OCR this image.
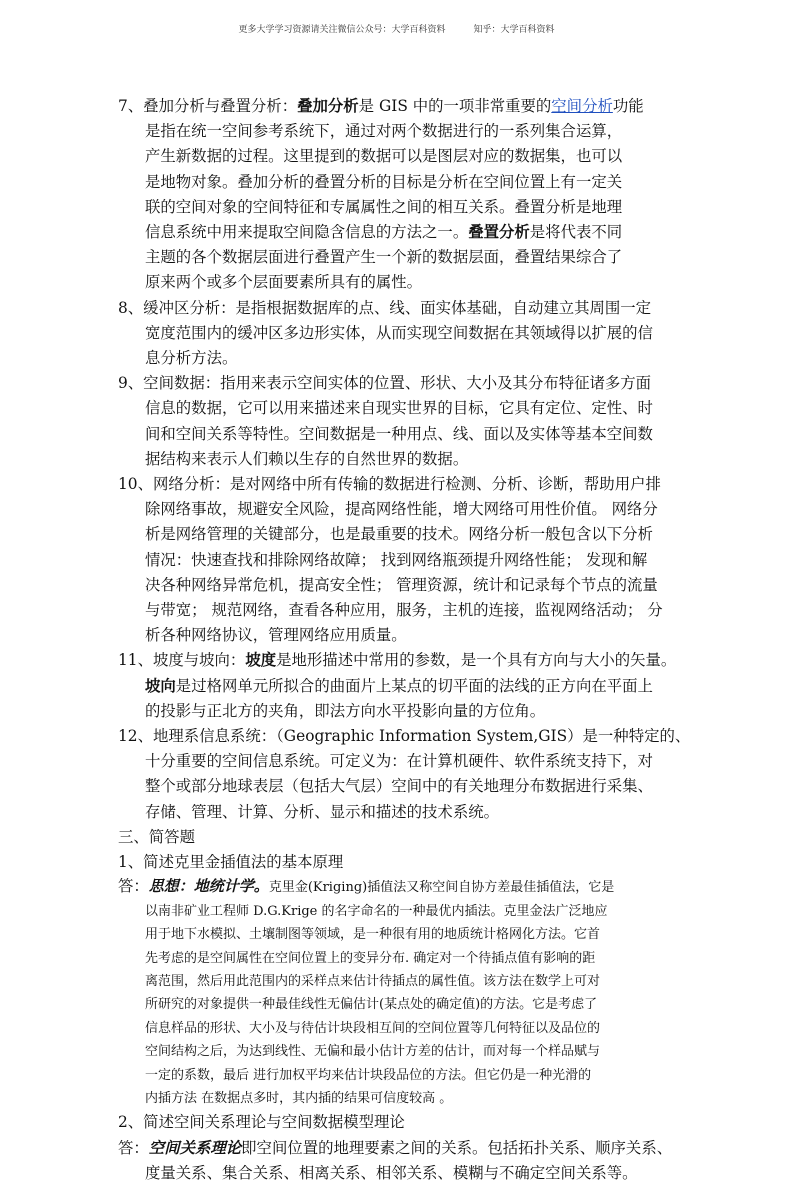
更多大学学习资源请关注微信公众号：大学百科资料	知乎：大学百科资料
7、叠加分析与叠置分析：叠加分析是 GIS 中的一项非常重要的空间分析功能
是指在统一空间参考系统下，通过对两个数据进行的一系列集合运算，
产生新数据的过程。这里提到的数据可以是图层对应的数据集，也可以
是地物对象。叠加分析的叠置分析的目标是分析在空间位置上有一定关
联的空间对象的空间特征和专属属性之间的相互关系。叠置分析是地理
信息系统中用来提取空间隐含信息的方法之一。叠置分析是将代表不同
主题的各个数据层面进行叠置产生一个新的数据层面，叠置结果综合了
原来两个或多个层面要素所具有的属性。
8、缓冲区分析：是指根据数据库的点、线、面实体基础，自动建立其周围一定
宽度范围内的缓冲区多边形实体，从而实现空间数据在其领域得以扩展的信
息分析方法。
9、空间数据：指用来表示空间实体的位置、形状、大小及其分布特征诸多方面
信息的数据，它可以用来描述来自现实世界的目标，它具有定位、定性、时
间和空间关系等特性。空间数据是一种用点、线、面以及实体等基本空间数
据结构来表示人们赖以生存的自然世界的数据。
10、网络分析：是对网络中所有传输的数据进行检测、分析、诊断，帮助用户排
除网络事故，规避安全风险，提高网络性能，增大网络可用性价值。 网络分
析是网络管理的关键部分，也是最重要的技术。网络分析一般包含以下分析
情况：快速查找和排除网络故障； 找到网络瓶颈提升网络性能； 发现和解
决各种网络异常危机，提高安全性； 管理资源，统计和记录每个节点的流量
与带宽； 规范网络，查看各种应用，服务，主机的连接，监视网络活动； 分
析各种网络协议，管理网络应用质量。
11、坡度与坡向：坡度是地形描述中常用的参数，是一个具有方向与大小的矢量。
坡向是过格网单元所拟合的曲面片上某点的切平面的法线的正方向在平面上
的投影与正北方的夹角，即法方向水平投影向量的方位角。
12、地理系信息系统：（Geographic Information System,GIS）是一种特定的、
十分重要的空间信息系统。可定义为：在计算机硬件、软件系统支持下，对
整个或部分地球表层（包括大气层）空间中的有关地理分布数据进行采集、
存储、管理、计算、分析、显示和描述的技术系统。
三、简答题
1、简述克里金插值法的基本原理
答：思想：地统计学。克里金(Kriging)插值法又称空间自协方差最佳插值法，它是
以南非矿业工程师 D.G.Krige 的名字命名的一种最优内插法。克里金法广泛地应
用于地下水模拟、土壤制图等领域，是一种很有用的地质统计格网化方法。它首
先考虑的是空间属性在空间位置上的变异分布. 确定对一个待插点值有影响的距
离范围，然后用此范围内的采样点来估计待插点的属性值。该方法在数学上可对
所研究的对象提供一种最佳线性无偏估计(某点处的确定值)的方法。它是考虑了
信息样品的形状、大小及与待估计块段相互间的空间位置等几何特征以及品位的
空间结构之后，为达到线性、无偏和最小估计方差的估计，而对每一个样品赋与
一定的系数，最后 进行加权平均来估计块段品位的方法。但它仍是一种光滑的
内插方法 在数据点多时，其内插的结果可信度较高 。
2、简述空间关系理论与空间数据模型理论
答：空间关系理论即空间位置的地理要素之间的关系。包括拓扑关系、顺序关系、
度量关系、集合关系、相离关系、相邻关系、模糊与不确定空间关系等。
